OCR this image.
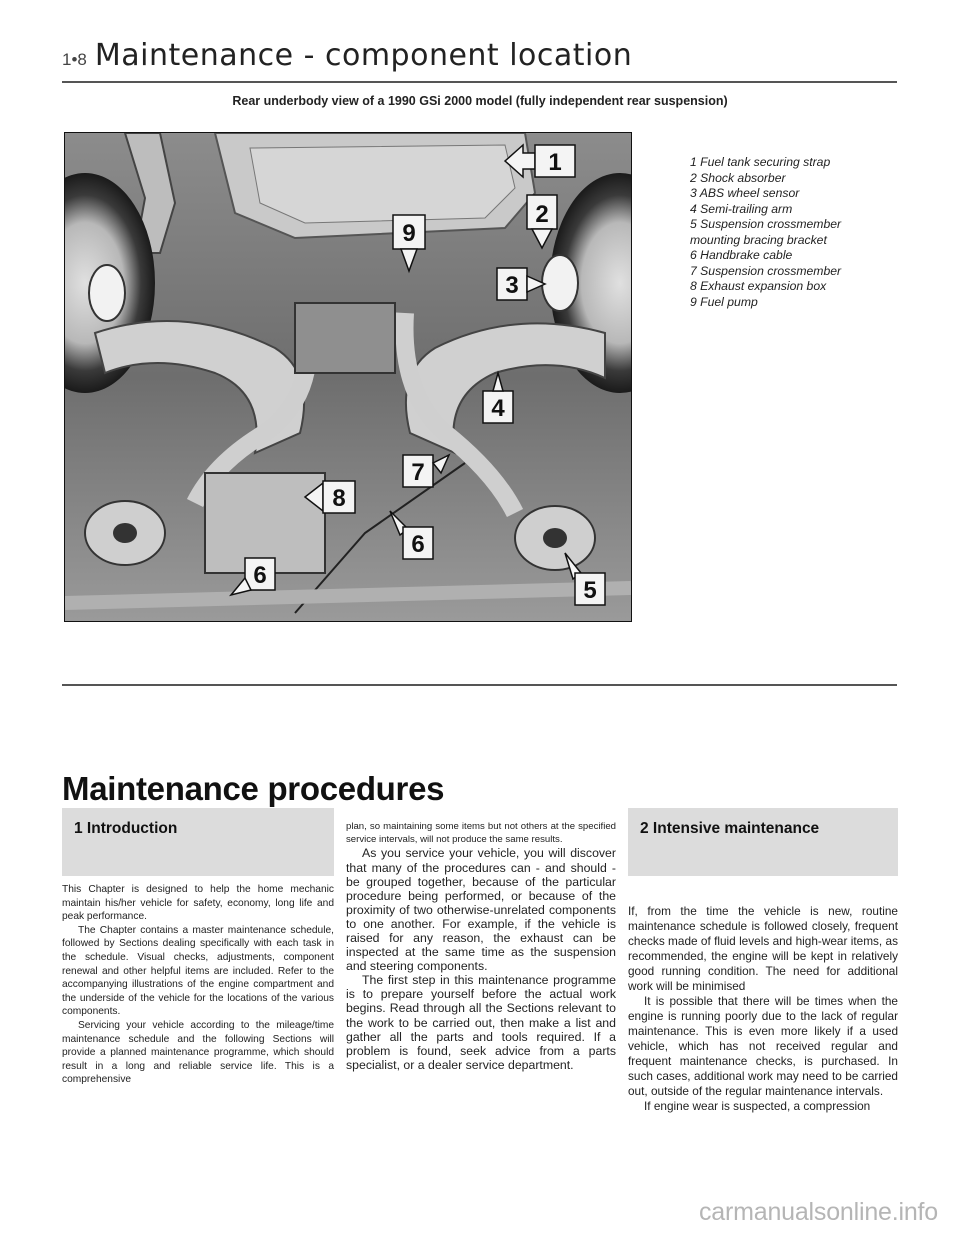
1•8 Maintenance - component location
Rear underbody view of a 1990 GSi 2000 model (fully independent rear suspension)
1
2
3
4
5
6
7
8
6
9
1 Fuel tank securing strap
2 Shock absorber
3 ABS wheel sensor
4 Semi-trailing arm
5 Suspension crossmember
mounting bracing bracket
6 Handbrake cable
7 Suspension crossmember
8 Exhaust expansion box
9 Fuel pump
Maintenance procedures
1 Introduction

This Chapter is designed to help the home mechanic maintain his/her vehicle for safety, economy, long life and peak performance.

The Chapter contains a master maintenance schedule, followed by Sections dealing specifically with each task in the schedule. Visual checks, adjustments, component renewal and other helpful items are included. Refer to the accompanying illustrations of the engine compartment and the underside of the vehicle for the locations of the various components.

Servicing your vehicle according to the mileage/time maintenance schedule and the following Sections will provide a planned maintenance programme, which should result in a long and reliable service life. This is a comprehensive

plan, so maintaining some items but not others at the specified service intervals, will not produce the same results.

As you service your vehicle, you will discover that many of the procedures can - and should - be grouped together, because of the particular procedure being performed, or because of the proximity of two otherwise-unrelated components to one another. For example, if the vehicle is raised for any reason, the exhaust can be inspected at the same time as the suspension and steering components.

The first step in this maintenance programme is to prepare yourself before the actual work begins. Read through all the Sections relevant to the work to be carried out, then make a list and gather all the parts and tools required. If a problem is found, seek advice from a parts specialist, or a dealer service department.

2 Intensive maintenance

If, from the time the vehicle is new, routine maintenance schedule is followed closely, frequent checks made of fluid levels and high-wear items, as recommended, the engine will be kept in relatively good running condition. The need for additional work will be minimised

It is possible that there will be times when the engine is running poorly due to the lack of regular maintenance. This is even more likely if a used vehicle, which has not received regular and frequent maintenance checks, is purchased. In such cases, additional work may need to be carried out, outside of the regular maintenance intervals.

If engine wear is suspected, a compression

carmanualsonline.info
